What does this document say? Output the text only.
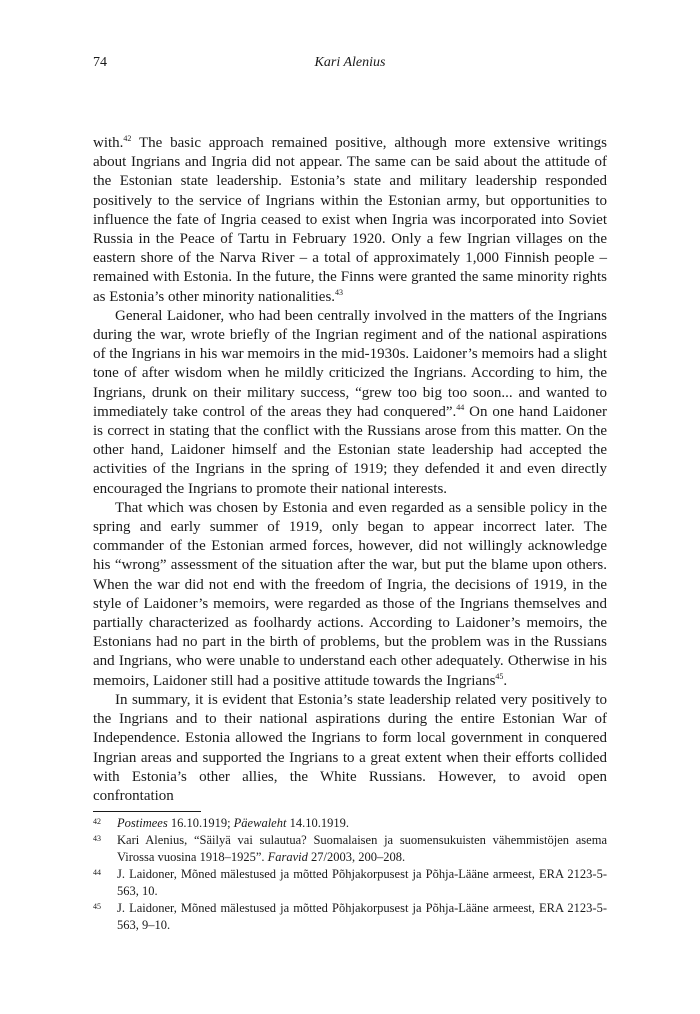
74	Kari Alenius

with.$^{42}$ The basic approach remained positive, although more extensive writings about Ingrians and Ingria did not appear. The same can be said about the attitude of the Estonian state leadership. Estonia’s state and military leadership responded positively to the service of Ingrians within the Estonian army, but opportunities to influence the fate of Ingria ceased to exist when Ingria was incorporated into Soviet Russia in the Peace of Tartu in February 1920. Only a few Ingrian villages on the eastern shore of the Narva River – a total of approximately 1,000 Finnish people – remained with Estonia. In the future, the Finns were granted the same minority rights as Estonia’s other minority nationalities.$^{43}$

General Laidoner, who had been centrally involved in the matters of the Ingrians during the war, wrote briefly of the Ingrian regiment and of the national aspirations of the Ingrians in his war memoirs in the mid-1930s. Laidoner’s memoirs had a slight tone of after wisdom when he mildly criticized the Ingrians. According to him, the Ingrians, drunk on their military success, “grew too big too soon... and wanted to immediately take control of the areas they had conquered”.$^{44}$ On one hand Laidoner is correct in stating that the conflict with the Russians arose from this matter. On the other hand, Laidoner himself and the Estonian state leadership had accepted the activities of the Ingrians in the spring of 1919; they defended it and even directly encouraged the Ingrians to promote their national interests.

That which was chosen by Estonia and even regarded as a sensible policy in the spring and early summer of 1919, only began to appear incorrect later. The commander of the Estonian armed forces, however, did not willingly acknowledge his “wrong” assessment of the situation after the war, but put the blame upon others. When the war did not end with the freedom of Ingria, the decisions of 1919, in the style of Laidoner’s memoirs, were regarded as those of the Ingrians themselves and partially characterized as foolhardy actions. According to Laidoner’s memoirs, the Estonians had no part in the birth of problems, but the problem was in the Russians and Ingrians, who were unable to understand each other adequately. Otherwise in his memoirs, Laidoner still had a positive attitude towards the Ingrians$^{45}$.

In summary, it is evident that Estonia’s state leadership related very positively to the Ingrians and to their national aspirations during the entire Estonian War of Independence. Estonia allowed the Ingrians to form local government in conquered Ingrian areas and supported the Ingrians to a great extent when their efforts collided with Estonia’s other allies, the White Russians. However, to avoid open confrontation

42 Postimees 16.10.1919; Päewaleht 14.10.1919.
43 Kari Alenius, “Säilyä vai sulautua? Suomalaisen ja suomensukuisten vähemmistöjen asema Virossa vuosina 1918–1925”. Faravid 27/2003, 200–208.
44 J. Laidoner, Mõned mälestused ja mõtted Põhjakorpusest ja Põhja-Lääne armeest, ERA 2123-5-563, 10.
45 J. Laidoner, Mõned mälestused ja mõtted Põhjakorpusest ja Põhja-Lääne armeest, ERA 2123-5-563, 9–10.
